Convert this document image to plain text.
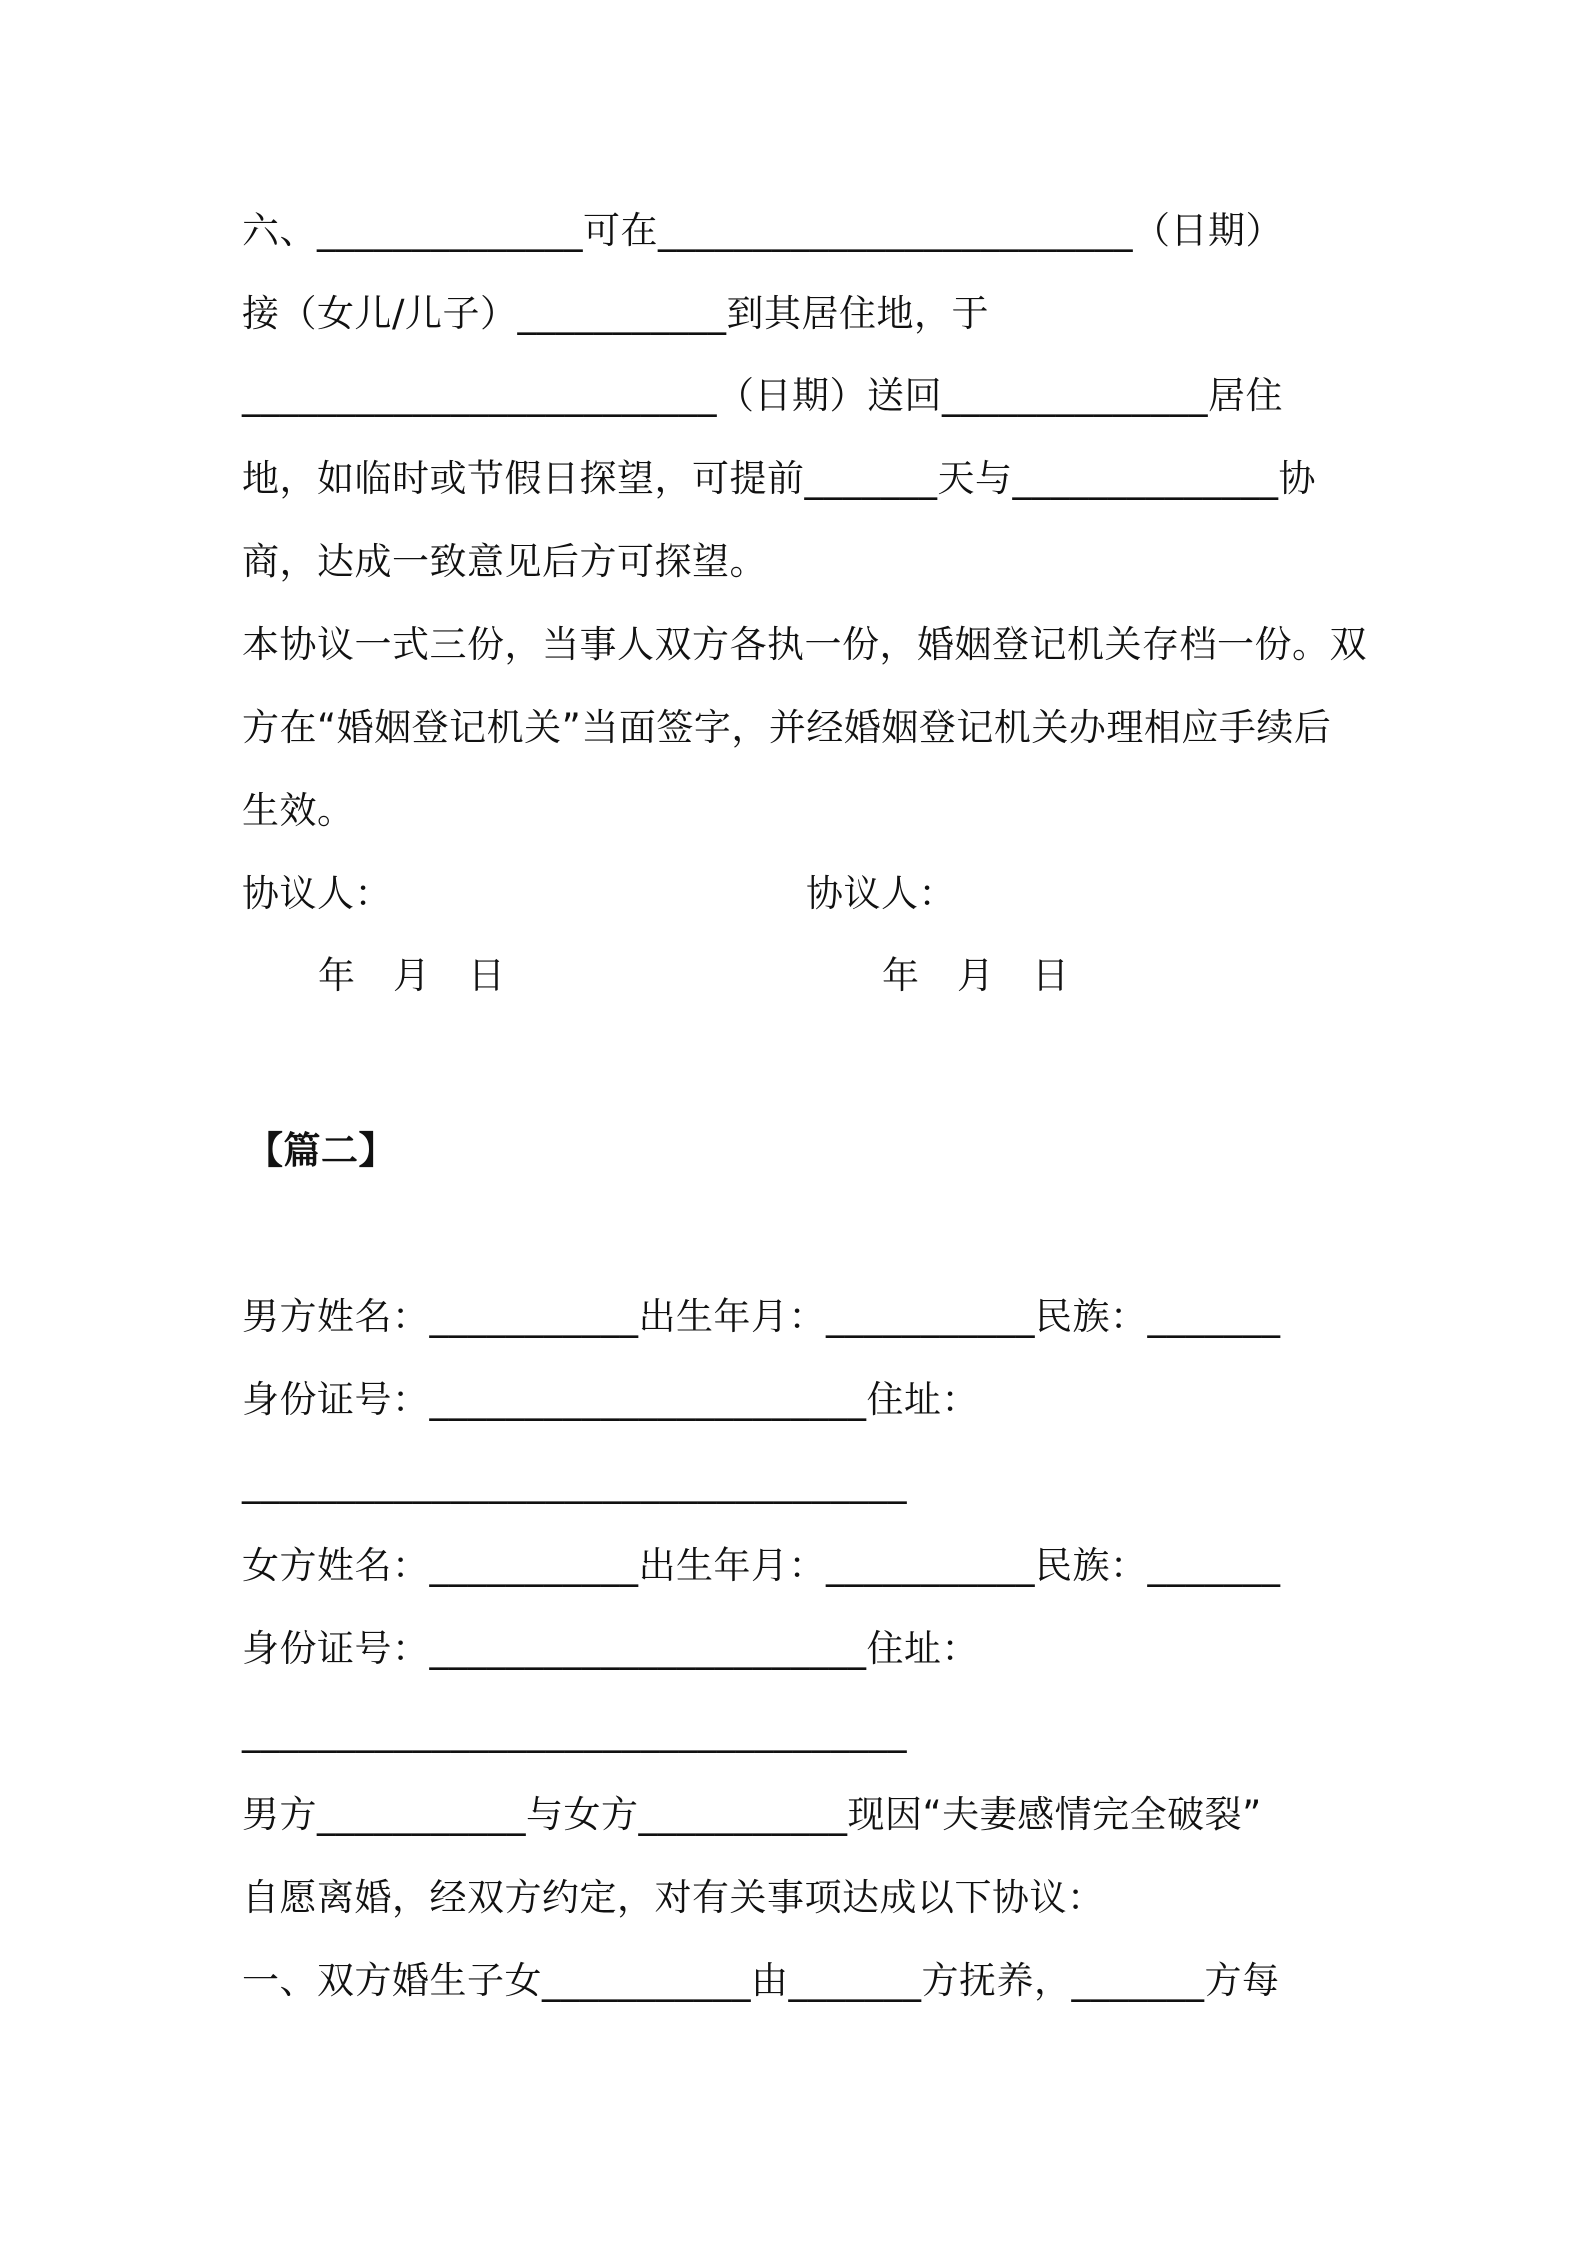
六、______________可在_________________________（日期）
接（女儿/儿子）___________到其居住地，于
_________________________（日期）送回______________居住
地，如临时或节假日探望，可提前_______天与______________协
商，达成一致意见后方可探望。
本协议一式三份，当事人双方各执一份，婚姻登记机关存档一份。双
方在“婚姻登记机关”当面签字，并经婚姻登记机关办理相应手续后
生效。
协议人：	协议人：
年　月　日	年　月　日
【篇二】
男方姓名：___________出生年月：___________民族：_______
身份证号：_______________________住址：
___________________________________
女方姓名：___________出生年月：___________民族：_______
身份证号：_______________________住址：
___________________________________
男方___________与女方___________现因“夫妻感情完全破裂”
自愿离婚，经双方约定，对有关事项达成以下协议：
一、双方婚生子女___________由_______方抚养，_______方每
